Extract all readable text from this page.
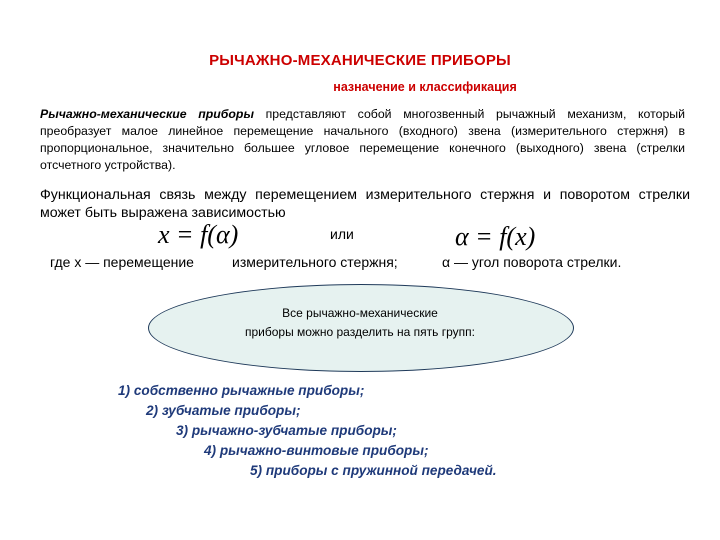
РЫЧАЖНО-МЕХАНИЧЕСКИЕ ПРИБОРЫ
назначение и классификация
Рычажно-механические приборы представляют собой многозвенный рычажный механизм, который преобразует малое линейное перемещение начального (входного) звена (измерительного стержня) в пропорциональное, значительно большее угловое перемещение конечного (выходного) звена (стрелки отсчетного устройства).
Функциональная связь между перемещением измерительного стержня и поворотом стрелки может быть выражена зависимостью
x = f(α)	или	α = f(x)
где x — перемещение	измерительного стержня;	α — угол поворота стрелки.
Все рычажно-механические
приборы можно разделить на пять групп:
1) собственно рычажные приборы;
2) зубчатые приборы;
3) рычажно-зубчатые приборы;
4) рычажно-винтовые приборы;
5) приборы с пружинной передачей.
